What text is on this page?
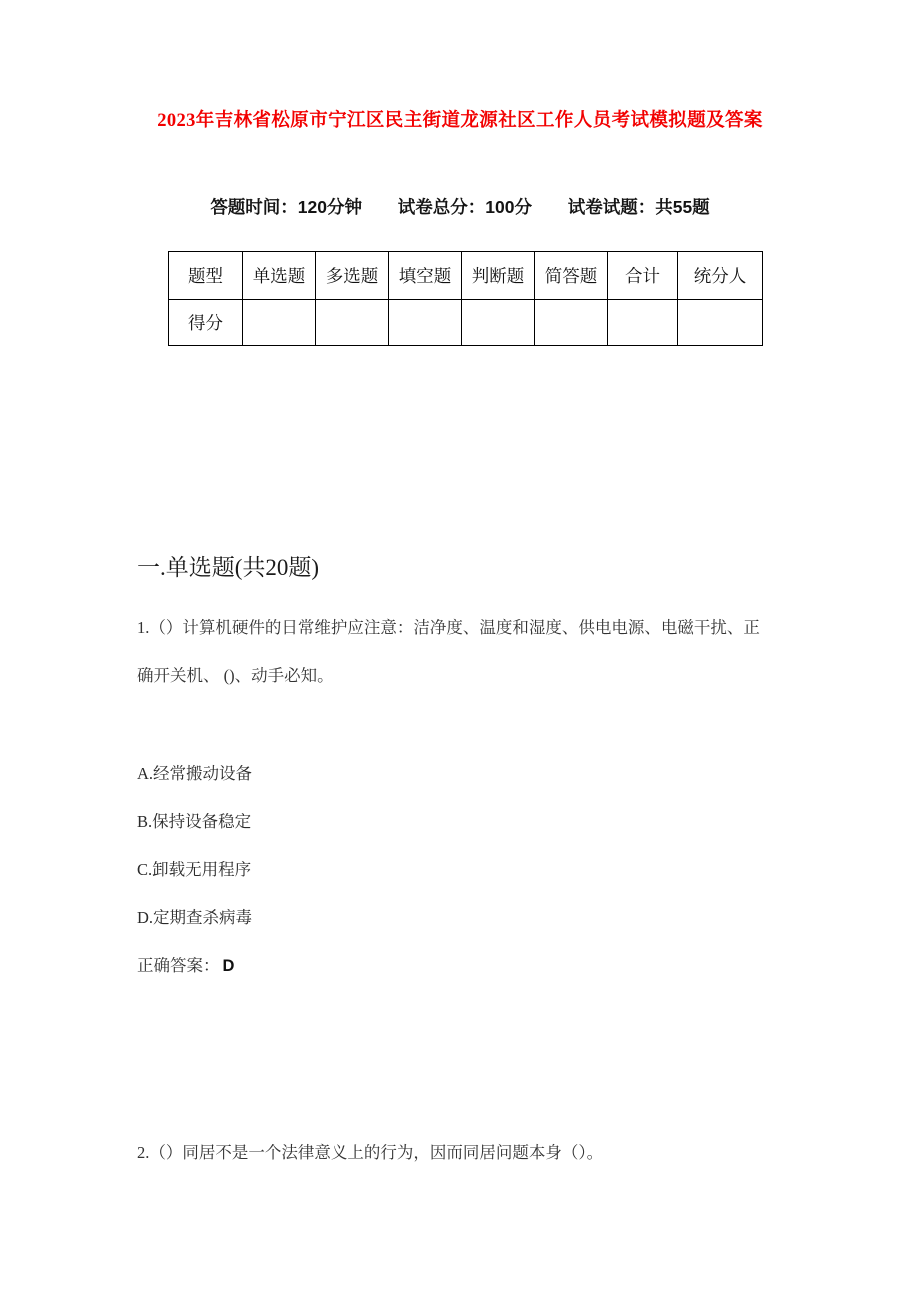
2023年吉林省松原市宁江区民主街道龙源社区工作人员考试模拟题及答案
答题时间：120分钟 试卷总分：100分 试卷试题：共55题
题型	单选题	多选题	填空题	判断题	简答题	合计	统分人
得分							
一.单选题(共20题)
1.（）计算机硬件的日常维护应注意：洁净度、温度和湿度、供电电源、电磁干扰、正
确开关机、 ()、动手必知。
A.经常搬动设备
B.保持设备稳定
C.卸载无用程序
D.定期查杀病毒
正确答案： D
2.（）同居不是一个法律意义上的行为，因而同居问题本身（）。
